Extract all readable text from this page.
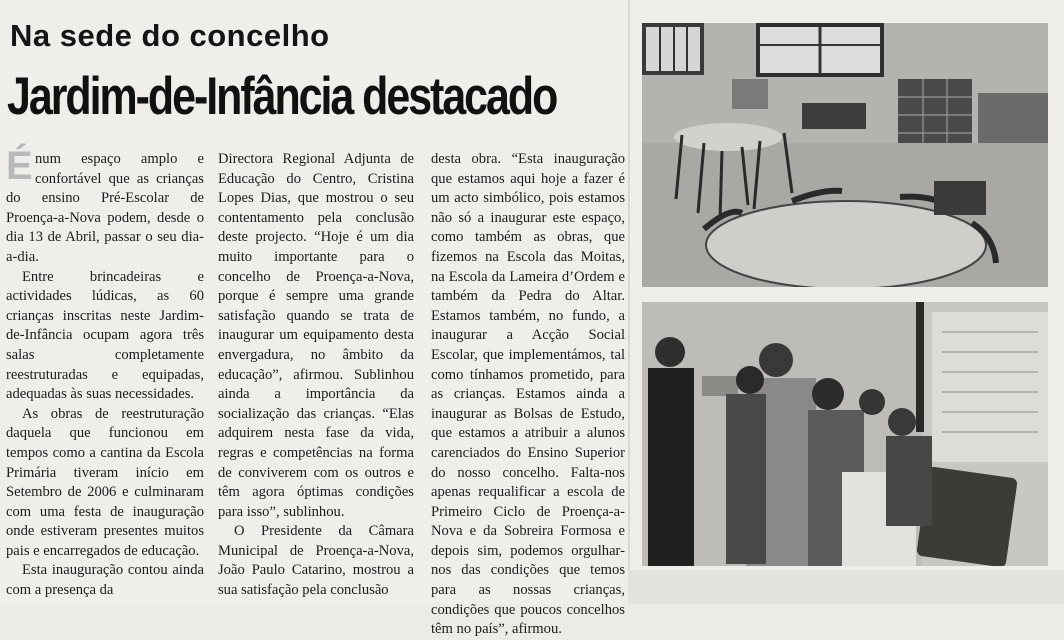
Na sede do concelho
Jardim-de-Infância destacado

Énum espaço amplo e confortável que as crianças do ensino Pré-Escolar de Proença-a-Nova podem, desde o dia 13 de Abril, passar o seu dia-a-dia.

Entre brincadeiras e actividades lúdicas, as 60 crianças inscritas neste Jardim-de-Infância ocupam agora três salas completamente reestruturadas e equipadas, adequadas às suas necessidades.

As obras de reestruturação daquela que funcionou em tempos como a cantina da Escola Primária tiveram início em Setembro de 2006 e culminaram com uma festa de inauguração onde estiveram presentes muitos pais e encarregados de educação.

Esta inauguração contou ainda com a presença da

Directora Regional Adjunta de Educação do Centro, Cristina Lopes Dias, que mostrou o seu contentamento pela conclusão deste projecto. “Hoje é um dia muito importante para o concelho de Proença-a-Nova, porque é sempre uma grande satisfação quando se trata de inaugurar um equipamento desta envergadura, no âmbito da educação”, afirmou. Sublinhou ainda a importância da socialização das crianças. “Elas adquirem nesta fase da vida, regras e competências na forma de conviverem com os outros e têm agora óptimas condições para isso”, sublinhou.

O Presidente da Câmara Municipal de Proença-a-Nova, João Paulo Catarino, mostrou a sua satisfação pela conclusão

desta obra. “Esta inauguração que estamos aqui hoje a fazer é um acto simbólico, pois estamos não só a inaugurar este espaço, como também as obras, que fizemos na Escola das Moitas, na Escola da Lameira d’Ordem e também da Pedra do Altar. Estamos também, no fundo, a inaugurar a Acção Social Escolar, que implementámos, tal como tínhamos prometido, para as crianças. Estamos ainda a inaugurar as Bolsas de Estudo, que estamos a atribuir a alunos carenciados do Ensino Superior do nosso concelho. Falta-nos apenas requalificar a escola de Primeiro Ciclo de Proença-a-Nova e da Sobreira Formosa e depois sim, podemos orgulhar-nos das condições que temos para as nossas crianças, condições que poucos concelhos têm no país”, afirmou.
